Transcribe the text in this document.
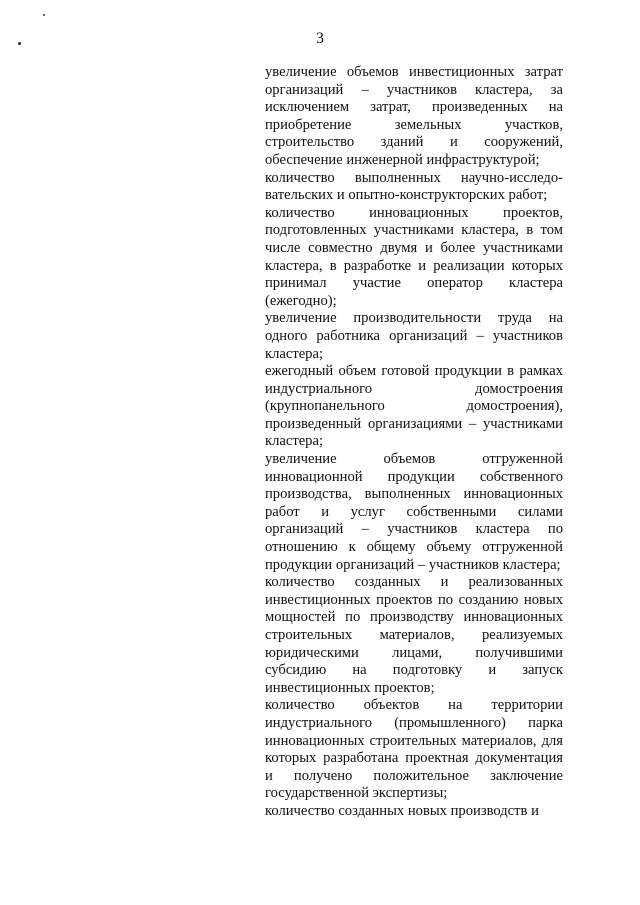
3

увеличение объемов инвестиционных затрат организаций – участников кластера, за исключением затрат, произведенных на приобретение земельных участков, строительство зданий и сооружений, обеспечение инженерной инфраструктурой;

количество выполненных научно-исследовательских и опытно-конструкторских работ;

количество инновационных проектов, подготовленных участниками кластера, в том числе совместно двумя и более участниками кластера, в разработке и реализации которых принимал участие оператор кластера (ежегодно);

увеличение производительности труда на одного работника организаций – участников кластера;

ежегодный объем готовой продукции в рамках индустриального домостроения (крупнопанельного домостроения), произведенный организациями – участниками кластера;

увеличение объемов отгруженной инновационной продукции собственного производства, выполненных инновационных работ и услуг собственными силами организаций – участников кластера по отношению к общему объему отгруженной продукции организаций – участников кластера;

количество созданных и реализованных инвестиционных проектов по созданию новых мощностей по производству инновационных строительных материалов, реализуемых юридическими лицами, получившими субсидию на подготовку и запуск инвестиционных проектов;

количество объектов на территории индустриального (промышленного) парка инновационных строительных материалов, для которых разработана проектная документация и получено положительное заключение государственной экспертизы;

количество созданных новых производств и
